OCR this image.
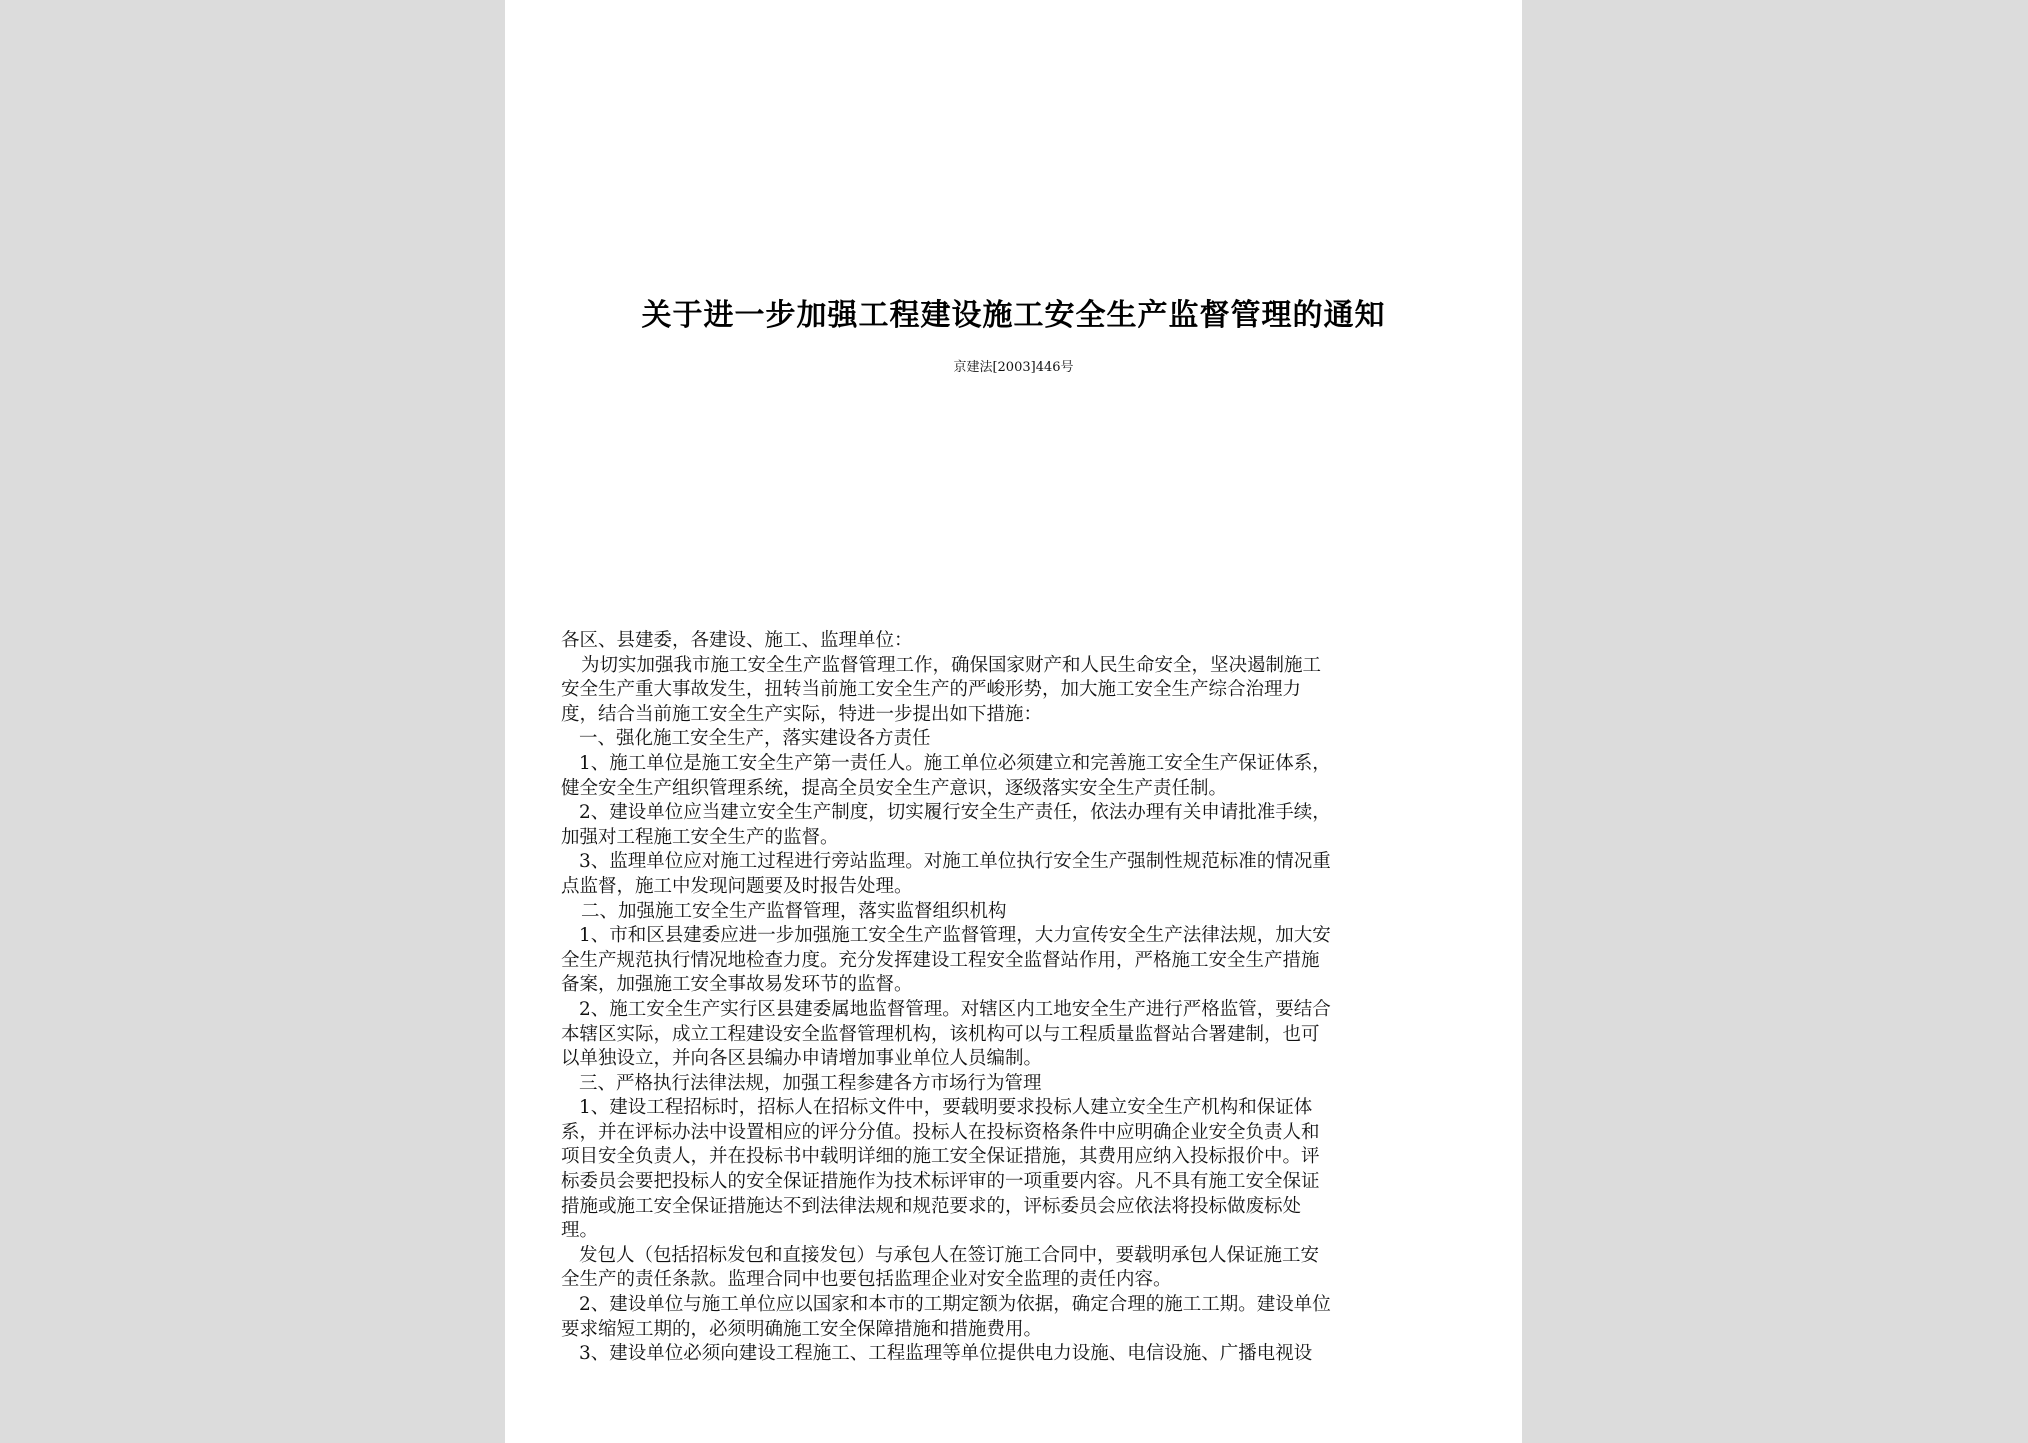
关于进一步加强工程建设施工安全生产监督管理的通知
京建法[2003]446号

各区、县建委，各建设、施工、监理单位：

为切实加强我市施工安全生产监督管理工作，确保国家财产和人民生命安全，坚决遏制施工

安全生产重大事故发生，扭转当前施工安全生产的严峻形势，加大施工安全生产综合治理力

度，结合当前施工安全生产实际，特进一步提出如下措施：

一、强化施工安全生产，落实建设各方责任

1、施工单位是施工安全生产第一责任人。施工单位必须建立和完善施工安全生产保证体系，

健全安全生产组织管理系统，提高全员安全生产意识，逐级落实安全生产责任制。

2、建设单位应当建立安全生产制度，切实履行安全生产责任，依法办理有关申请批准手续，

加强对工程施工安全生产的监督。

3、监理单位应对施工过程进行旁站监理。对施工单位执行安全生产强制性规范标准的情况重

点监督，施工中发现问题要及时报告处理。

二、加强施工安全生产监督管理，落实监督组织机构

1、市和区县建委应进一步加强施工安全生产监督管理，大力宣传安全生产法律法规，加大安

全生产规范执行情况地检查力度。充分发挥建设工程安全监督站作用，严格施工安全生产措施

备案，加强施工安全事故易发环节的监督。

2、施工安全生产实行区县建委属地监督管理。对辖区内工地安全生产进行严格监管，要结合

本辖区实际，成立工程建设安全监督管理机构，该机构可以与工程质量监督站合署建制，也可

以单独设立，并向各区县编办申请增加事业单位人员编制。

三、严格执行法律法规，加强工程参建各方市场行为管理

1、建设工程招标时，招标人在招标文件中，要载明要求投标人建立安全生产机构和保证体

系，并在评标办法中设置相应的评分分值。投标人在投标资格条件中应明确企业安全负责人和

项目安全负责人，并在投标书中载明详细的施工安全保证措施，其费用应纳入投标报价中。评

标委员会要把投标人的安全保证措施作为技术标评审的一项重要内容。凡不具有施工安全保证

措施或施工安全保证措施达不到法律法规和规范要求的，评标委员会应依法将投标做废标处

理。

发包人（包括招标发包和直接发包）与承包人在签订施工合同中，要载明承包人保证施工安

全生产的责任条款。监理合同中也要包括监理企业对安全监理的责任内容。

2、建设单位与施工单位应以国家和本市的工期定额为依据，确定合理的施工工期。建设单位

要求缩短工期的，必须明确施工安全保障措施和措施费用。

3、建设单位必须向建设工程施工、工程监理等单位提供电力设施、电信设施、广播电视设
